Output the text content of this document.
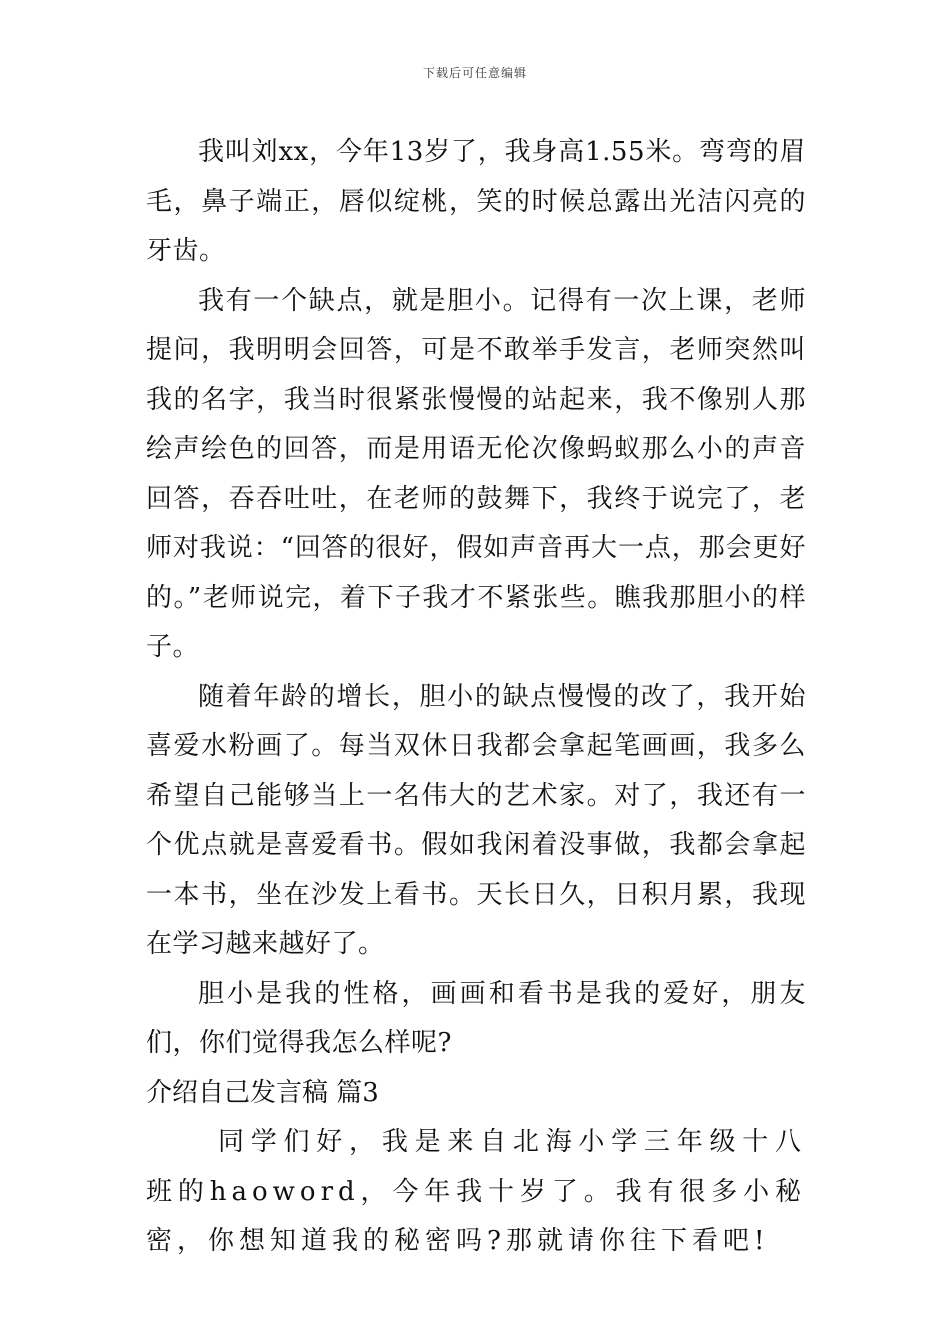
下载后可任意编辑

我叫刘xx，今年13岁了，我身高1.55米。弯弯的眉毛，鼻子端正，唇似绽桃，笑的时候总露出光洁闪亮的牙齿。

我有一个缺点，就是胆小。记得有一次上课，老师提问，我明明会回答，可是不敢举手发言，老师突然叫我的名字，我当时很紧张慢慢的站起来，我不像别人那绘声绘色的回答，而是用语无伦次像蚂蚁那么小的声音回答，吞吞吐吐，在老师的鼓舞下，我终于说完了，老师对我说：“回答的很好，假如声音再大一点，那会更好的。”老师说完，着下子我才不紧张些。瞧我那胆小的样子。

随着年龄的增长，胆小的缺点慢慢的改了，我开始喜爱水粉画了。每当双休日我都会拿起笔画画，我多么希望自己能够当上一名伟大的艺术家。对了，我还有一个优点就是喜爱看书。假如我闲着没事做，我都会拿起一本书，坐在沙发上看书。天长日久，日积月累，我现在学习越来越好了。

胆小是我的性格，画画和看书是我的爱好，朋友们，你们觉得我怎么样呢?

介绍自己发言稿 篇3

同学们好，我是来自北海小学三年级十八班的haoword，今年我十岁了。我有很多小秘密，你想知道我的秘密吗?那就请你往下看吧!
